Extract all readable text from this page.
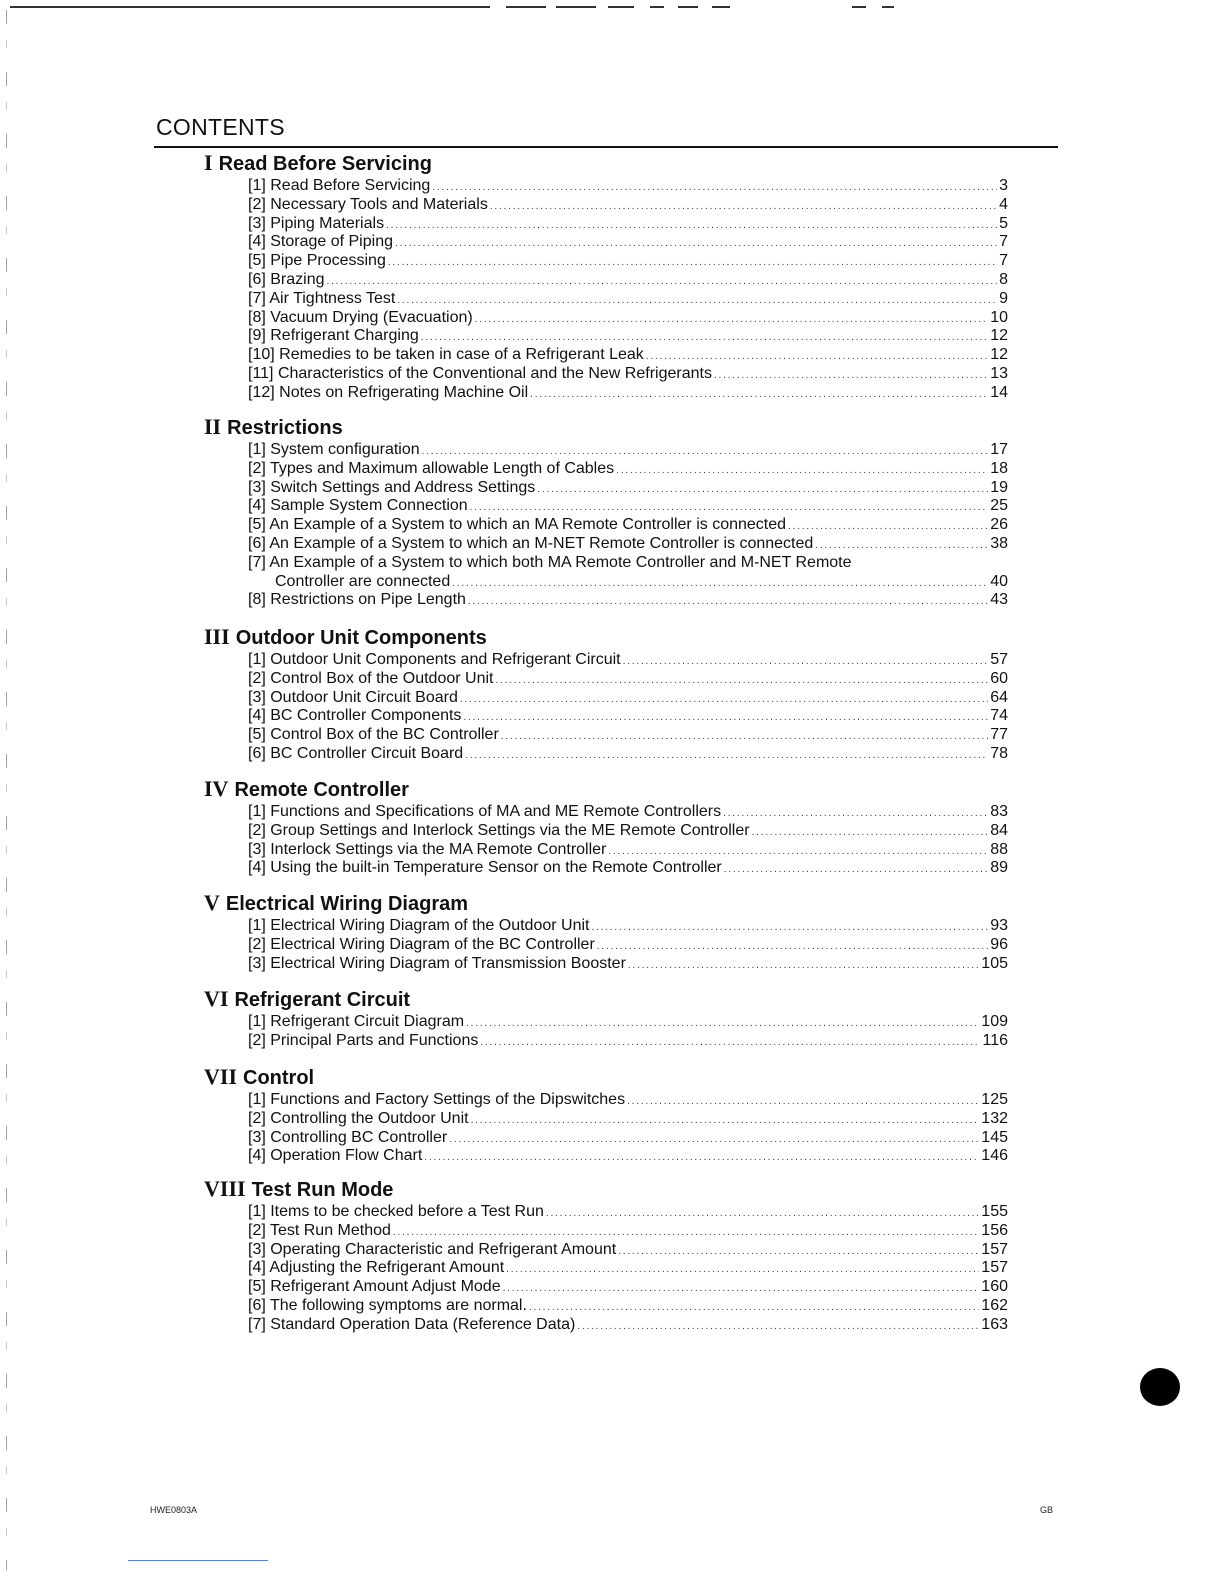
CONTENTS
I Read Before Servicing
[1] Read Before Servicing .....	3
[2] Necessary Tools and Materials .....	4
[3] Piping Materials .....	5
[4] Storage of Piping .....	7
[5] Pipe Processing .....	7
[6] Brazing .....	8
[7] Air Tightness Test .....	9
[8] Vacuum Drying (Evacuation) .....	10
[9] Refrigerant Charging .....	12
[10] Remedies to be taken in case of a Refrigerant Leak .....	12
[11] Characteristics of the Conventional and the New Refrigerants .....	13
[12] Notes on Refrigerating Machine Oil .....	14
II Restrictions
[1] System configuration .....	17
[2] Types and Maximum allowable Length of Cables .....	18
[3] Switch Settings and Address Settings .....	19
[4] Sample System Connection .....	25
[5] An Example of a System to which an MA Remote Controller is connected .....	26
[6] An Example of a System to which an M-NET Remote Controller is connected .....	38
[7] An Example of a System to which both MA Remote Controller and M-NET Remote
Controller are connected .....	40
[8] Restrictions on Pipe Length .....	43
III Outdoor Unit Components
[1] Outdoor Unit Components and Refrigerant Circuit .....	57
[2] Control Box of the Outdoor Unit .....	60
[3] Outdoor Unit Circuit Board .....	64
[4] BC Controller Components .....	74
[5] Control Box of the BC Controller .....	77
[6] BC Controller Circuit Board .....	78
IV Remote Controller
[1] Functions and Specifications of MA and ME Remote Controllers .....	83
[2] Group Settings and Interlock Settings via the ME Remote Controller .....	84
[3] Interlock Settings via the MA Remote Controller .....	88
[4] Using the built-in Temperature Sensor on the Remote Controller .....	89
V Electrical Wiring Diagram
[1] Electrical Wiring Diagram of the Outdoor Unit .....	93
[2] Electrical Wiring Diagram of the BC Controller .....	96
[3] Electrical Wiring Diagram of Transmission Booster .....	105
VI Refrigerant Circuit
[1] Refrigerant Circuit Diagram .....	109
[2] Principal Parts and Functions .....	116
VII Control
[1] Functions and Factory Settings of the Dipswitches .....	125
[2] Controlling the Outdoor Unit .....	132
[3] Controlling BC Controller .....	145
[4] Operation Flow Chart .....	146
VIII Test Run Mode
[1] Items to be checked before a Test Run .....	155
[2] Test Run Method .....	156
[3] Operating Characteristic and Refrigerant Amount .....	157
[4] Adjusting the Refrigerant Amount .....	157
[5] Refrigerant Amount Adjust Mode .....	160
[6] The following symptoms are normal. .....	162
[7] Standard Operation Data (Reference Data) .....	163
HWE0803A	GB
